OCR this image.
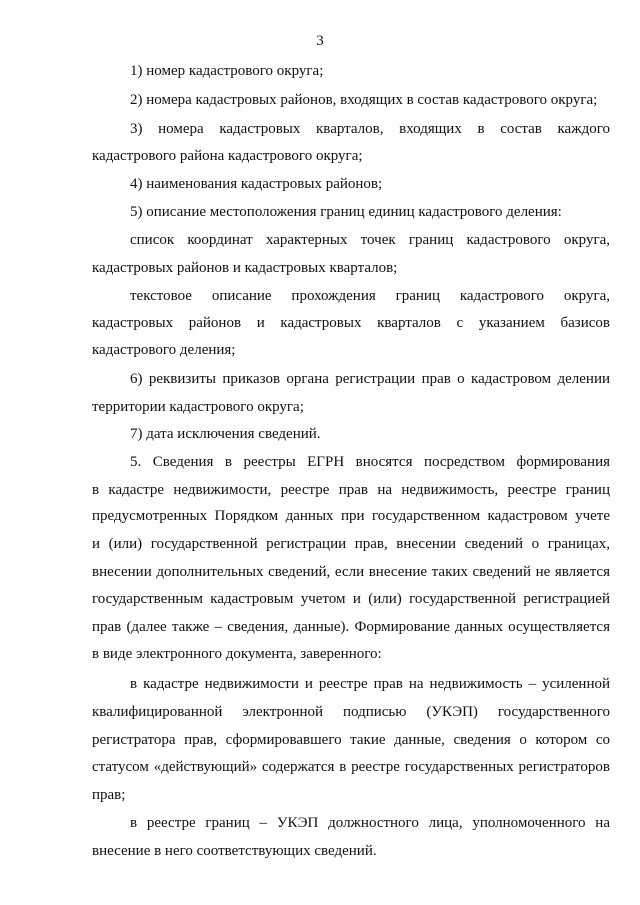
3
1) номер кадастрового округа;
2) номера кадастровых районов, входящих в состав кадастрового округа;
3) номера кадастровых кварталов, входящих в состав каждого
кадастрового района кадастрового округа;
4) наименования кадастровых районов;
5) описание местоположения границ единиц кадастрового деления:
список координат характерных точек границ кадастрового округа,
кадастровых районов и кадастровых кварталов;
текстовое описание прохождения границ кадастрового округа,
кадастровых районов и кадастровых кварталов с указанием базисов
кадастрового деления;
6) реквизиты приказов органа регистрации прав о кадастровом делении
территории кадастрового округа;
7) дата исключения сведений.
5. Сведения в реестры ЕГРН вносятся посредством формирования
в кадастре недвижимости, реестре прав на недвижимость, реестре границ
предусмотренных Порядком данных при государственном кадастровом учете
и (или) государственной регистрации прав, внесении сведений о границах,
внесении дополнительных сведений, если внесение таких сведений не является
государственным кадастровым учетом и (или) государственной регистрацией
прав (далее также – сведения, данные). Формирование данных осуществляется
в виде электронного документа, заверенного:
в кадастре недвижимости и реестре прав на недвижимость – усиленной
квалифицированной электронной подписью (УКЭП) государственного
регистратора прав, сформировавшего такие данные, сведения о котором со
статусом «действующий» содержатся в реестре государственных регистраторов
прав;
в реестре границ – УКЭП должностного лица, уполномоченного на
внесение в него соответствующих сведений.
